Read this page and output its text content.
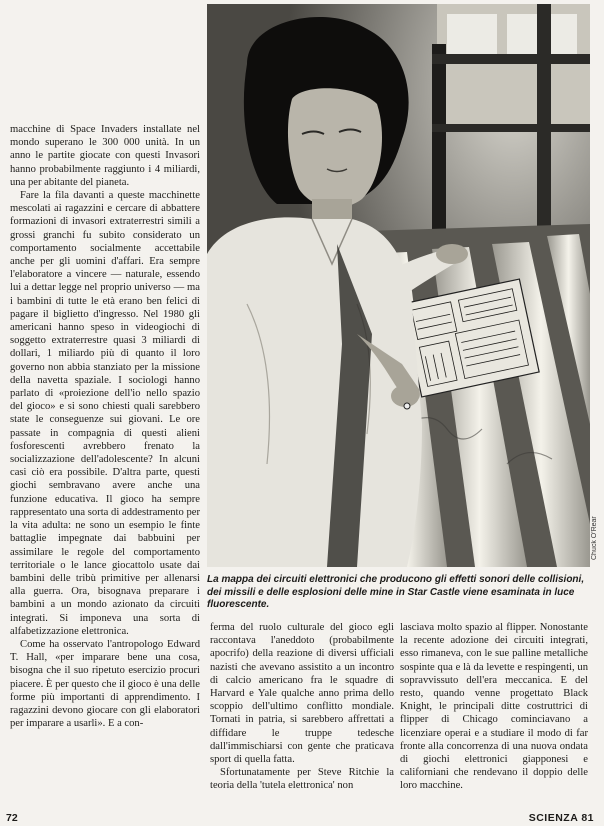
macchine di Space Invaders installate nel mondo superano le 300 000 unità. In un anno le partite giocate con questi Invasori hanno probabilmente raggiunto i 4 miliardi, una per abitante del pianeta.

Fare la fila davanti a queste macchinette mescolati ai ragazzini e cercare di abbattere formazioni di invasori extraterrestri simili a grossi granchi fu subito considerato un comportamento socialmente accettabile anche per gli uomini d'affari. Era sempre l'elaboratore a vincere — naturale, essendo lui a dettar legge nel proprio universo — ma i bambini di tutte le età erano ben felici di pagare il biglietto d'ingresso. Nel 1980 gli americani hanno speso in videogiochi di soggetto extraterrestre quasi 3 miliardi di dollari, 1 miliardo più di quanto il loro governo non abbia stanziato per la missione della navetta spaziale. I sociologi hanno parlato di «proiezione dell'io nello spazio del gioco» e si sono chiesti quali sarebbero state le conseguenze sui giovani. Le ore passate in compagnia di questi alieni fosforescenti avrebbero frenato la socializzazione dell'adolescente? In alcuni casi ciò era possibile. D'altra parte, questi giochi sembravano avere anche una funzione educativa. Il gioco ha sempre rappresentato una sorta di addestramento per la vita adulta: ne sono un esempio le finte battaglie impegnate dai babbuini per assimilare le regole del comportamento territoriale o le lance giocattolo usate dai bambini delle tribù primitive per allenarsi alla guerra. Ora, bisognava preparare i bambini a un mondo azionato da circuiti integrati. Si imponeva una sorta di alfabetizzazione elettronica.

Come ha osservato l'antropologo Edward T. Hall, «per imparare bene una cosa, bisogna che il suo ripetuto esercizio procuri piacere. È per questo che il gioco è una delle forme più importanti di apprendimento. I ragazzini devono giocare con gli elaboratori per imparare a usarli». E a con-

Chuck O'Rear
La mappa dei circuiti elettronici che producono gli effetti sonori delle collisioni, dei missili e delle esplosioni delle mine in Star Castle viene esaminata in luce fluorescente.

ferma del ruolo culturale del gioco egli raccontava l'aneddoto (probabilmente apocrifo) della reazione di diversi ufficiali nazisti che avevano assistito a un incontro di calcio americano fra le squadre di Harvard e Yale qualche anno prima dello scoppio dell'ultimo conflitto mondiale. Tornati in patria, si sarebbero affrettati a diffidare le truppe tedesche dall'immischiarsi con gente che praticava sport di quella fatta.

Sfortunatamente per Steve Ritchie la teoria della 'tutela elettronica' non

lasciava molto spazio al flipper. Nonostante la recente adozione dei circuiti integrati, esso rimaneva, con le sue palline metalliche sospinte qua e là da levette e respingenti, un sopravvissuto dell'era meccanica. E del resto, quando venne progettato Black Knight, le principali ditte costruttrici di flipper di Chicago cominciavano a licenziare operai e a studiare il modo di far fronte alla concorrenza di una nuova ondata di giochi elettronici giapponesi e californiani che rendevano il doppio delle loro macchine.

72	SCIENZA 81
